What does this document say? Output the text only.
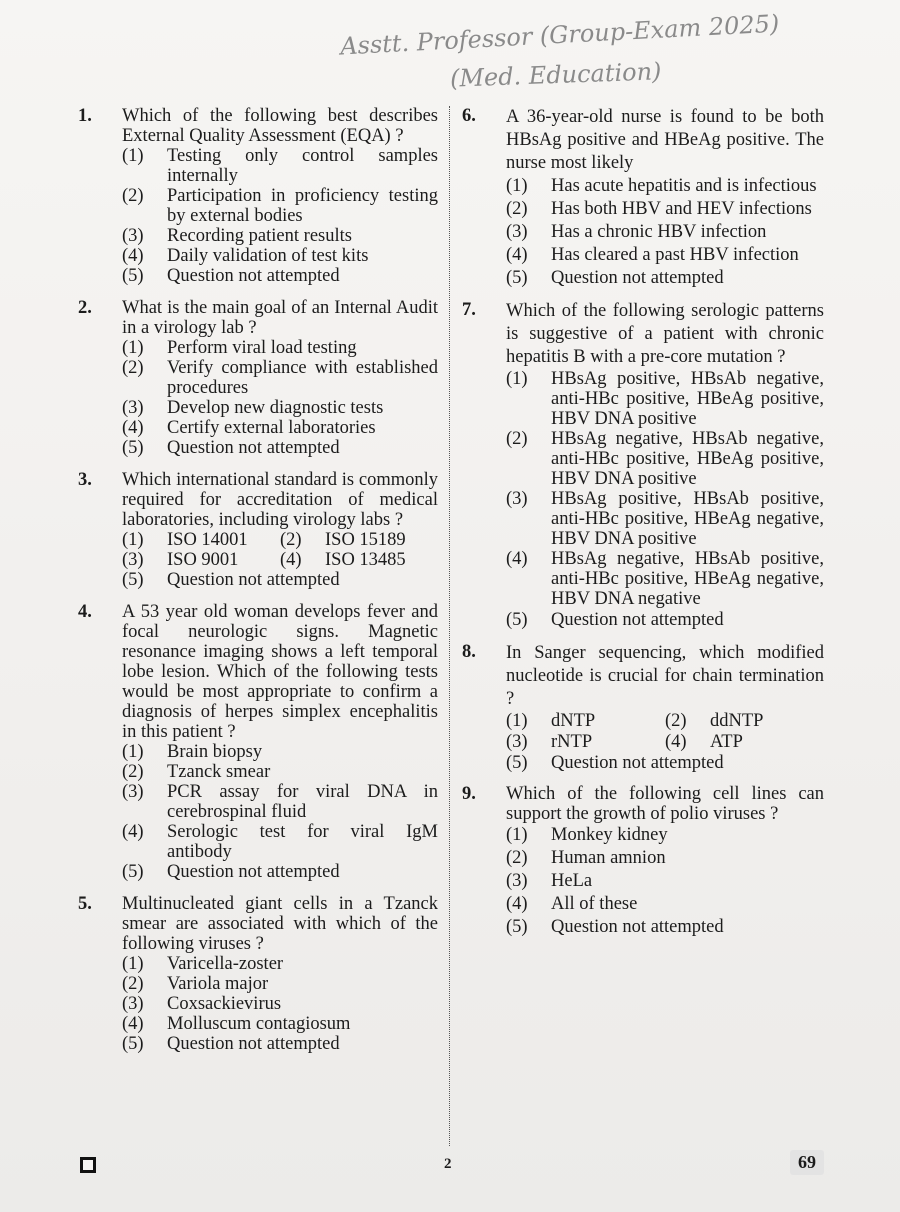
Asstt. Professor (Group-Exam 2025)
(Med. Education)
1. Which of the following best describes External Quality Assessment (EQA) ?
(1) Testing only control samples internally
(2) Participation in proficiency testing by external bodies
(3) Recording patient results
(4) Daily validation of test kits
(5) Question not attempted
2. What is the main goal of an Internal Audit in a virology lab ?
(1) Perform viral load testing
(2) Verify compliance with established procedures
(3) Develop new diagnostic tests
(4) Certify external laboratories
(5) Question not attempted
3. Which international standard is commonly required for accreditation of medical laboratories, including virology labs ?
(1) ISO 14001	(2) ISO 15189
(3) ISO 9001	(4) ISO 13485
(5) Question not attempted
4. A 53 year old woman develops fever and focal neurologic signs. Magnetic resonance imaging shows a left temporal lobe lesion. Which of the following tests would be most appropriate to confirm a diagnosis of herpes simplex encephalitis in this patient ?
(1) Brain biopsy
(2) Tzanck smear
(3) PCR assay for viral DNA in cerebrospinal fluid
(4) Serologic test for viral IgM antibody
(5) Question not attempted
5. Multinucleated giant cells in a Tzanck smear are associated with which of the following viruses ?
(1) Varicella-zoster
(2) Variola major
(3) Coxsackievirus
(4) Molluscum contagiosum
(5) Question not attempted
6. A 36-year-old nurse is found to be both HBsAg positive and HBeAg positive. The nurse most likely
(1) Has acute hepatitis and is infectious
(2) Has both HBV and HEV infections
(3) Has a chronic HBV infection
(4) Has cleared a past HBV infection
(5) Question not attempted
7. Which of the following serologic patterns is suggestive of a patient with chronic hepatitis B with a pre-core mutation ?
(1) HBsAg positive, HBsAb negative, anti-HBc positive, HBeAg positive, HBV DNA positive
(2) HBsAg negative, HBsAb negative, anti-HBc positive, HBeAg positive, HBV DNA positive
(3) HBsAg positive, HBsAb positive, anti-HBc positive, HBeAg negative, HBV DNA positive
(4) HBsAg negative, HBsAb positive, anti-HBc positive, HBeAg negative, HBV DNA negative
(5) Question not attempted
8. In Sanger sequencing, which modified nucleotide is crucial for chain termination ?
(1) dNTP	(2) ddNTP
(3) rNTP	(4) ATP
(5) Question not attempted
9. Which of the following cell lines can support the growth of polio viruses ?
(1) Monkey kidney
(2) Human amnion
(3) HeLa
(4) All of these
(5) Question not attempted
2	69
